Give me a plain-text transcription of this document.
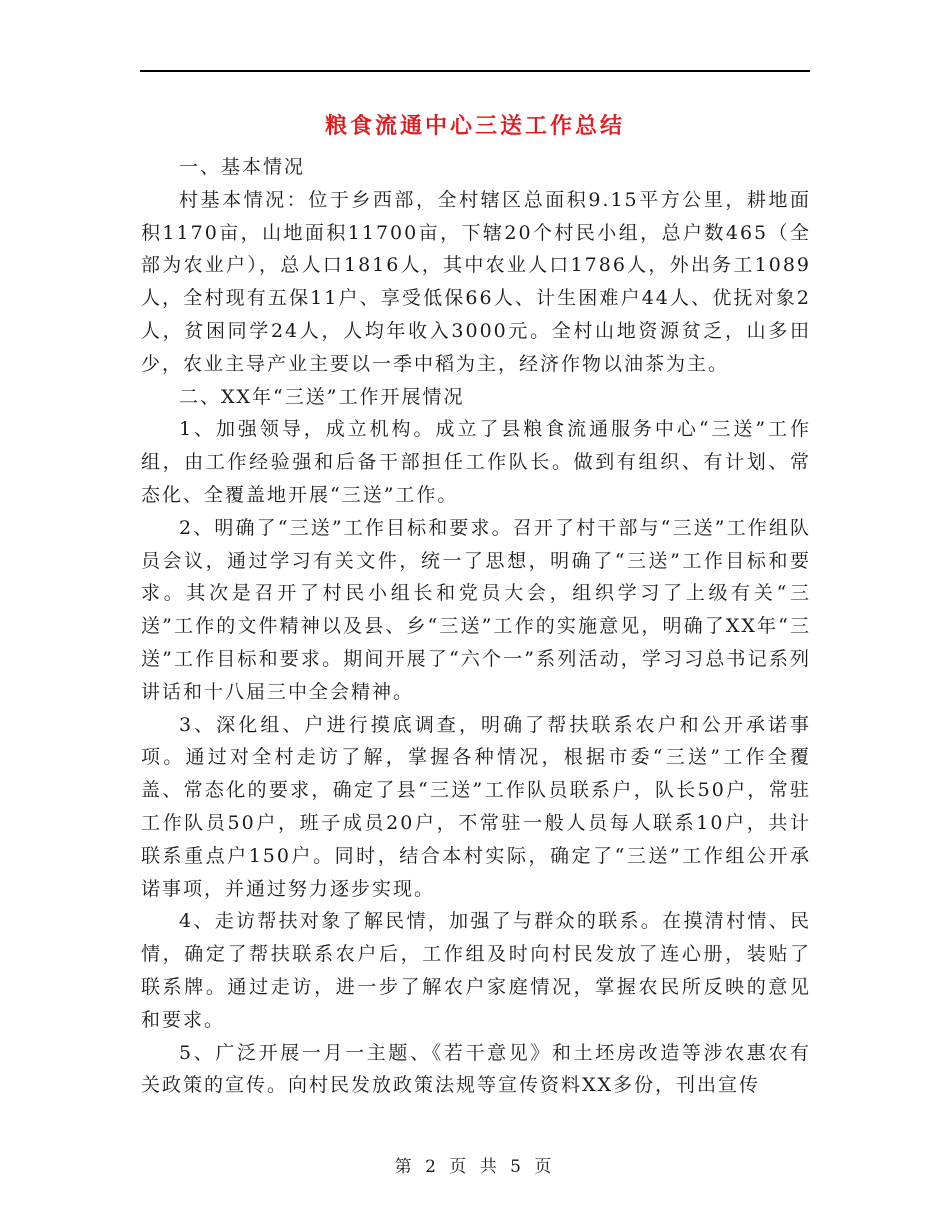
粮食流通中心三送工作总结

一、基本情况

村基本情况：位于乡西部，全村辖区总面积9.15平方公里，耕地面积1170亩，山地面积11700亩，下辖20个村民小组，总户数465（全部为农业户），总人口1816人，其中农业人口1786人，外出务工1089人，全村现有五保11户、享受低保66人、计生困难户44人、优抚对象2人，贫困同学24人，人均年收入3000元。全村山地资源贫乏，山多田少，农业主导产业主要以一季中稻为主，经济作物以油茶为主。

二、XX年“三送”工作开展情况

1、加强领导，成立机构。成立了县粮食流通服务中心“三送”工作组，由工作经验强和后备干部担任工作队长。做到有组织、有计划、常态化、全覆盖地开展“三送”工作。

2、明确了“三送”工作目标和要求。召开了村干部与“三送”工作组队员会议，通过学习有关文件，统一了思想，明确了“三送”工作目标和要求。其次是召开了村民小组长和党员大会，组织学习了上级有关“三送”工作的文件精神以及县、乡“三送”工作的实施意见，明确了XX年“三送”工作目标和要求。期间开展了“六个一”系列活动，学习习总书记系列讲话和十八届三中全会精神。

3、深化组、户进行摸底调查，明确了帮扶联系农户和公开承诺事项。通过对全村走访了解，掌握各种情况，根据市委“三送”工作全覆盖、常态化的要求，确定了县“三送”工作队员联系户，队长50户，常驻工作队员50户，班子成员20户，不常驻一般人员每人联系10户，共计联系重点户150户。同时，结合本村实际，确定了“三送”工作组公开承诺事项，并通过努力逐步实现。

4、走访帮扶对象了解民情，加强了与群众的联系。在摸清村情、民情，确定了帮扶联系农户后，工作组及时向村民发放了连心册，装贴了联系牌。通过走访，进一步了解农户家庭情况，掌握农民所反映的意见和要求。

5、广泛开展一月一主题、《若干意见》和土坯房改造等涉农惠农有关政策的宣传。向村民发放政策法规等宣传资料XX多份，刊出宣传

第 2 页 共 5 页
